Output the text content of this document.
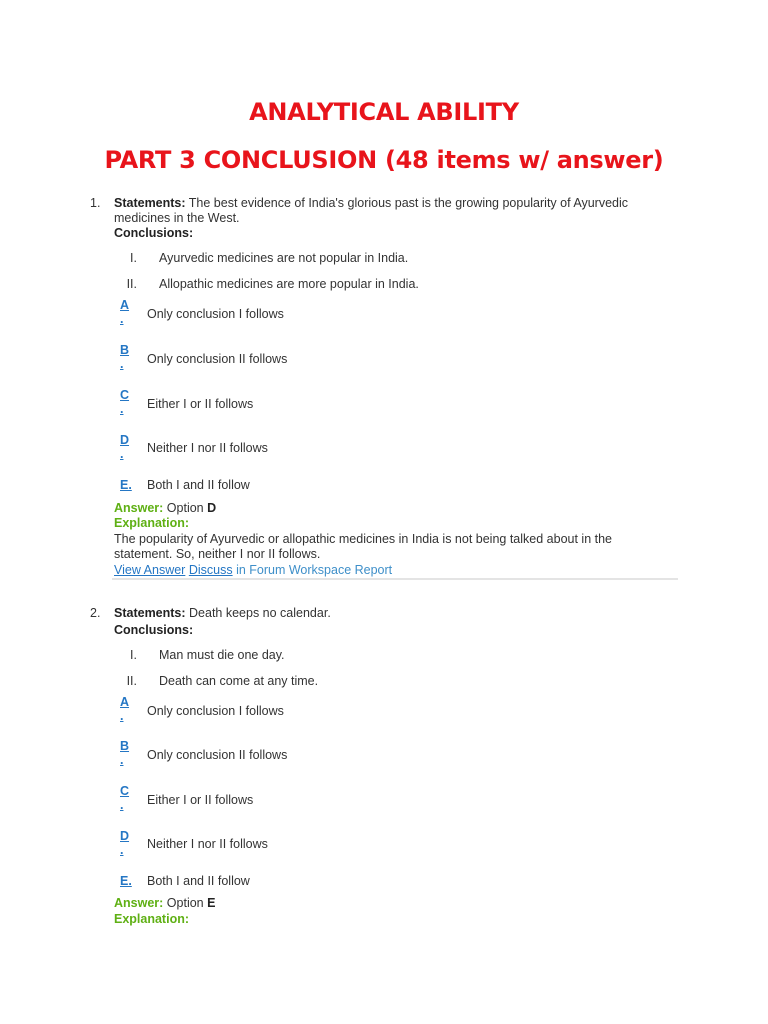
ANALYTICAL ABILITY
PART 3 CONCLUSION (48 items w/ answer)
1. Statements: The best evidence of India's glorious past is the growing popularity of Ayurvedic medicines in the West.
Conclusions:
I. Ayurvedic medicines are not popular in India.
II. Allopathic medicines are more popular in India.
A
.	Only conclusion I follows
B
.	Only conclusion II follows
C
.	Either I or II follows
D
.	Neither I nor II follows
E. Both I and II follow
Answer: Option D
Explanation:
The popularity of Ayurvedic or allopathic medicines in India is not being talked about in the statement. So, neither I nor II follows.
View Answer Discuss in Forum Workspace Report
2. Statements: Death keeps no calendar.
Conclusions:
I. Man must die one day.
II. Death can come at any time.
A
.	Only conclusion I follows
B
.	Only conclusion II follows
C
.	Either I or II follows
D
.	Neither I nor II follows
E. Both I and II follow
Answer: Option E
Explanation:
